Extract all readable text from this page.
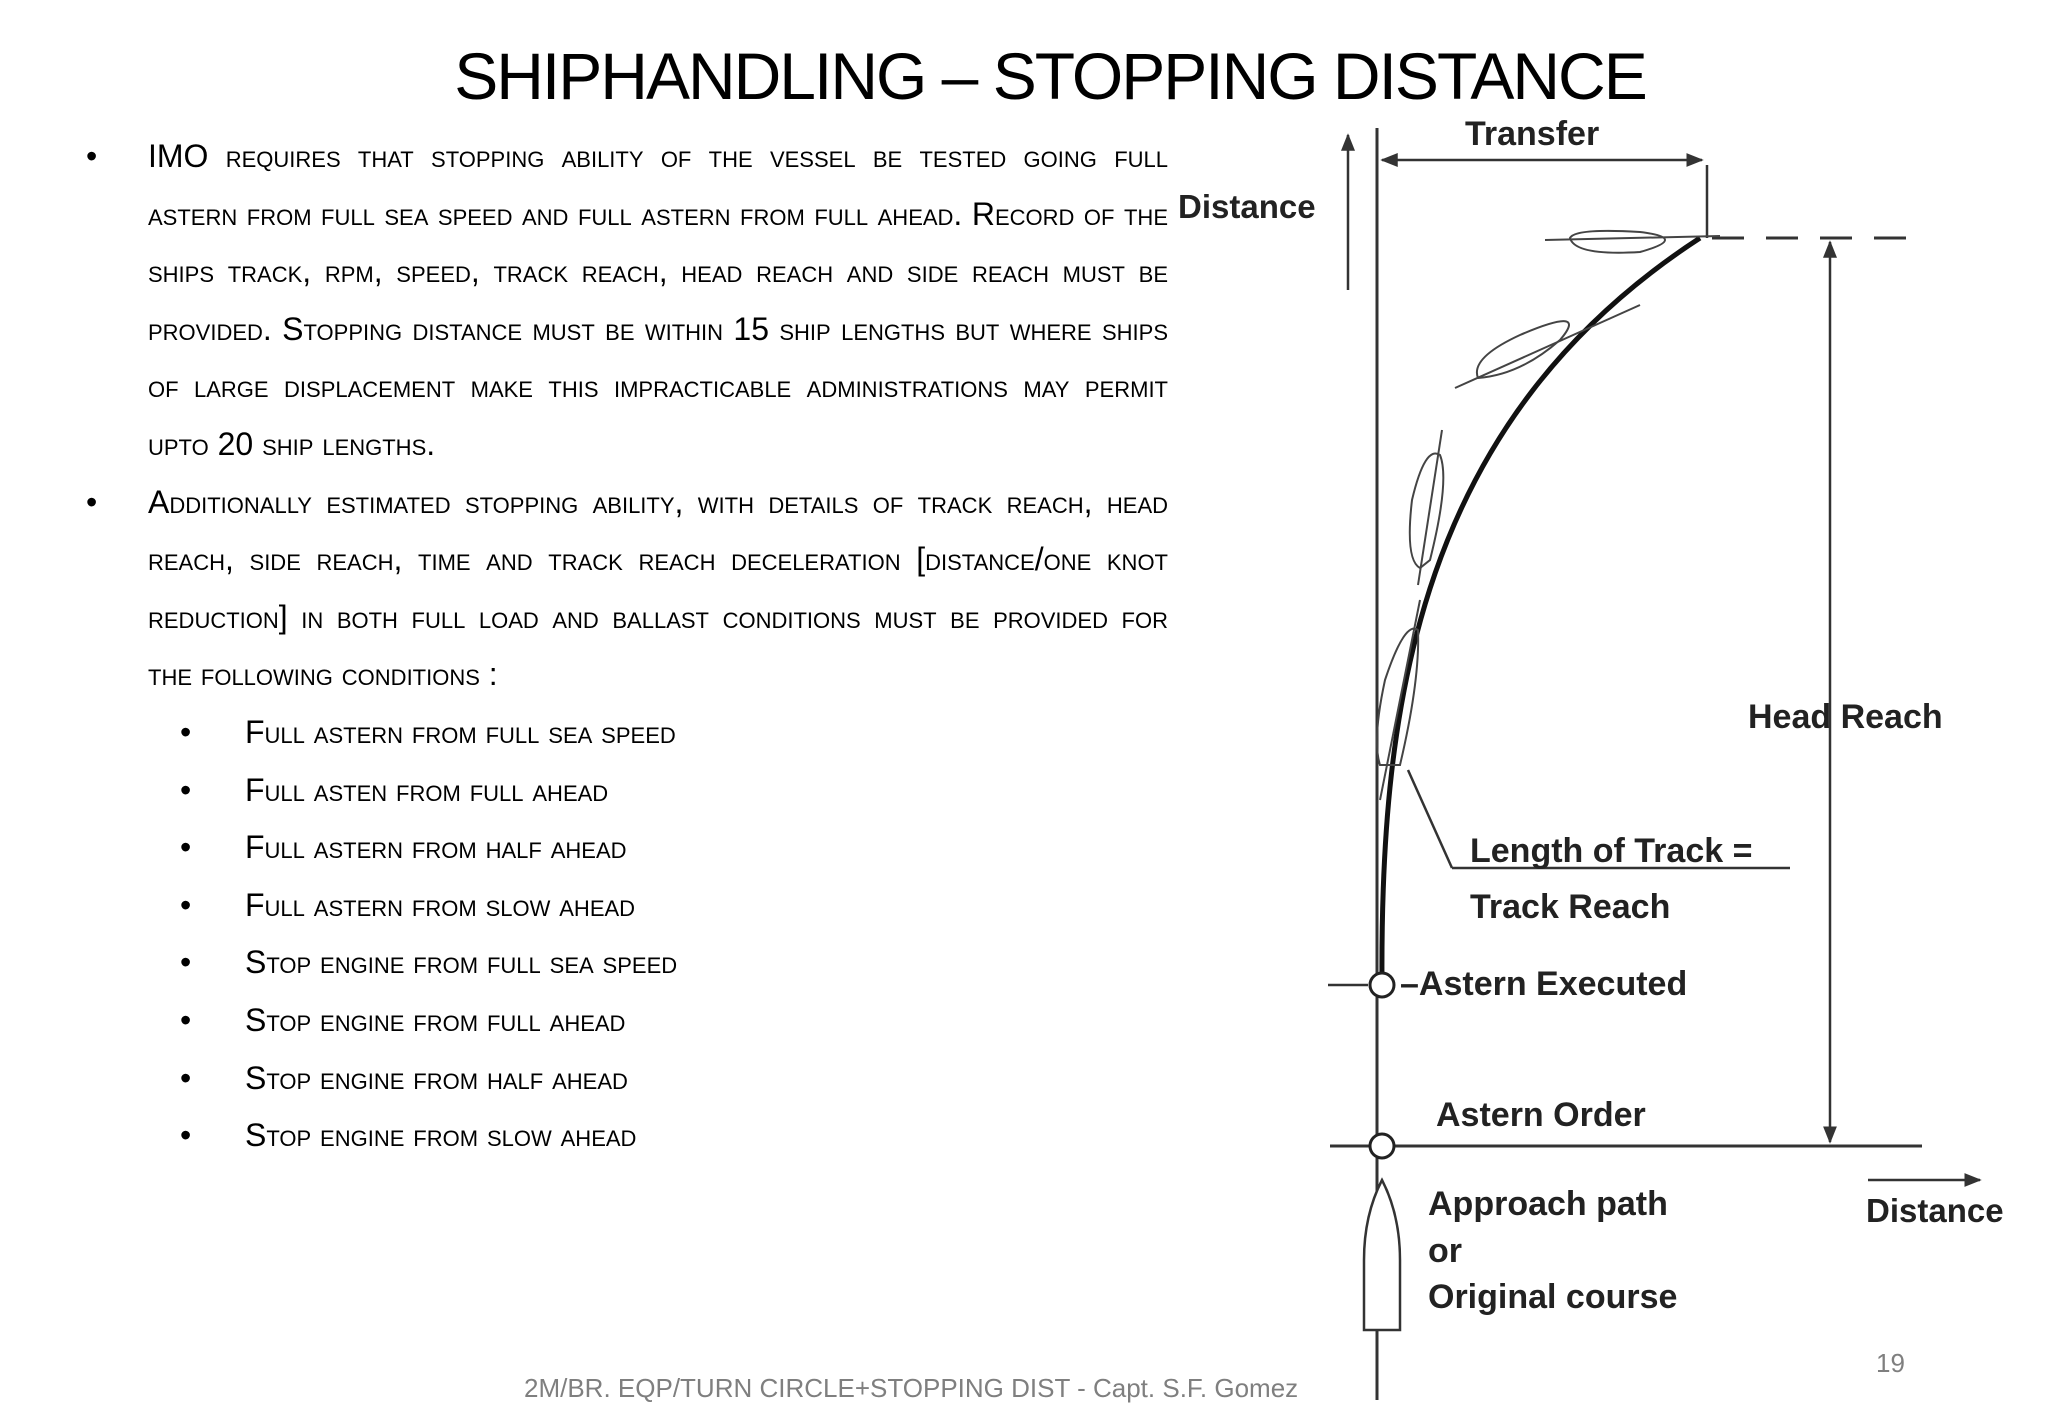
SHIPHANDLING – STOPPING DISTANCE
• IMO requires that stopping ability of the vessel be tested going full astern from full sea speed and full astern from full ahead. Record of the ships track, rpm, speed, track reach, head reach and side reach must be provided. Stopping distance must be within 15 ship lengths but where ships of large displacement make this impracticable administrations may permit upto 20 ship lengths.
• Additionally estimated stopping ability, with details of track reach, head reach, side reach, time and track reach deceleration [distance/one knot reduction] in both full load and ballast conditions must be provided for the following conditions :
• Full astern from full sea speed
• Full asten from full ahead
• Full astern from half ahead
• Full astern from slow ahead
• Stop engine from full sea speed
• Stop engine from full ahead
• Stop engine from half ahead
• Stop engine from slow ahead
Transfer
Distance
Head Reach
Length of Track =
Track Reach
–Astern Executed
Astern Order
Approach path
or
Original course
Distance
2M/BR. EQP/TURN CIRCLE+STOPPING DIST - Capt. S.F. Gomez
19
